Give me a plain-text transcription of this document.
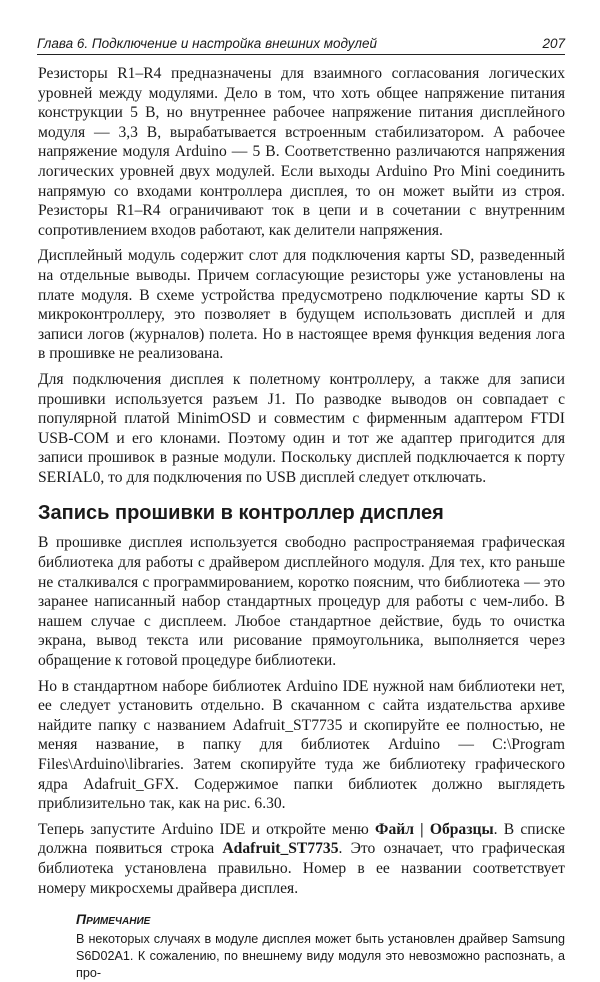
Глава 6. Подключение и настройка внешних модулей	207

Резисторы R1–R4 предназначены для взаимного согласования логических уровней между модулями. Дело в том, что хоть общее напряжение питания конструкции 5 В, но внутреннее рабочее напряжение питания дисплейного модуля — 3,3 В, вырабатывается встроенным стабилизатором. А рабочее напряжение модуля Arduino — 5 В. Соответственно различаются напряжения логических уровней двух модулей. Если выходы Arduino Pro Mini соединить напрямую со входами контроллера дисплея, то он может выйти из строя. Резисторы R1–R4 ограничивают ток в цепи и в сочетании с внутренним сопротивлением входов работают, как делители напряжения.

Дисплейный модуль содержит слот для подключения карты SD, разведенный на отдельные выводы. Причем согласующие резисторы уже установлены на плате модуля. В схеме устройства предусмотрено подключение карты SD к микроконтроллеру, это позволяет в будущем использовать дисплей и для записи логов (журналов) полета. Но в настоящее время функция ведения лога в прошивке не реализована.

Для подключения дисплея к полетному контроллеру, а также для записи прошивки используется разъем J1. По разводке выводов он совпадает с популярной платой MinimOSD и совместим с фирменным адаптером FTDI USB-COM и его клонами. Поэтому один и тот же адаптер пригодится для записи прошивок в разные модули. Поскольку дисплей подключается к порту SERIAL0, то для подключения по USB дисплей следует отключать.

Запись прошивки в контроллер дисплея

В прошивке дисплея используется свободно распространяемая графическая библиотека для работы с драйвером дисплейного модуля. Для тех, кто раньше не сталкивался с программированием, коротко поясним, что библиотека — это заранее написанный набор стандартных процедур для работы с чем-либо. В нашем случае с дисплеем. Любое стандартное действие, будь то очистка экрана, вывод текста или рисование прямоугольника, выполняется через обращение к готовой процедуре библиотеки.

Но в стандартном наборе библиотек Arduino IDE нужной нам библиотеки нет, ее следует установить отдельно. В скачанном с сайта издательства архиве найдите папку с названием Adafruit_ST7735 и скопируйте ее полностью, не меняя название, в папку для библиотек Arduino — C:\Program Files\Arduino\libraries. Затем скопируйте туда же библиотеку графического ядра Adafruit_GFX. Содержимое папки библиотек должно выглядеть приблизительно так, как на рис. 6.30.

Теперь запустите Arduino IDE и откройте меню Файл | Образцы. В списке должна появиться строка Adafruit_ST7735. Это означает, что графическая библиотека установлена правильно. Номер в ее названии соответствует номеру микросхемы драйвера дисплея.

Примечание

В некоторых случаях в модуле дисплея может быть установлен драйвер Samsung S6D02A1. К сожалению, по внешнему виду модуля это невозможно распознать, а про-
